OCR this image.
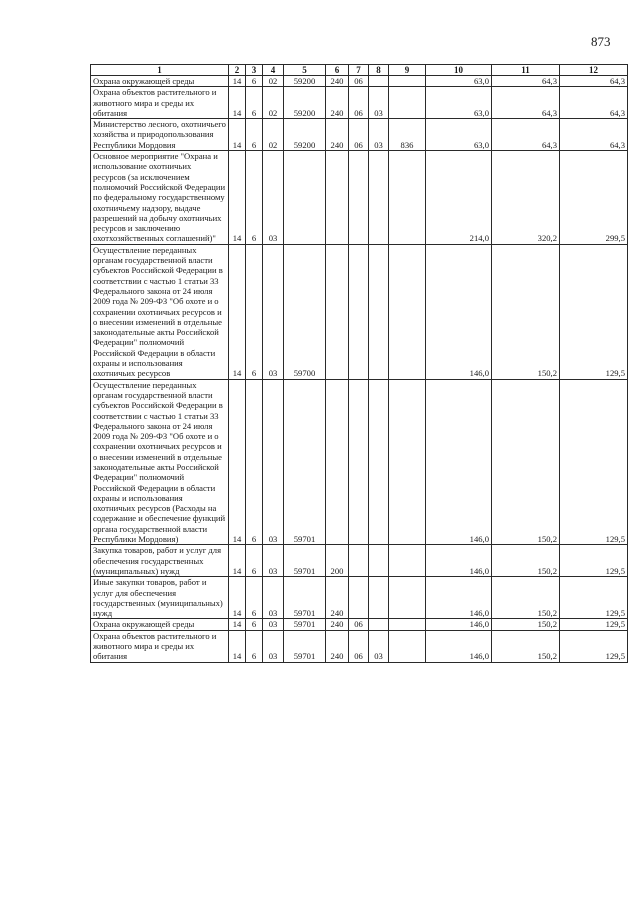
873
1	2	3	4	5	6	7	8	9	10	11	12
Охрана окружающей среды	14	6	02	59200	240	06			63,0	64,3	64,3
Охрана объектов растительного и животного мира и среды их обитания	14	6	02	59200	240	06	03		63,0	64,3	64,3
Министерство лесного, охотничьего хозяйства и природопользования Республики Мордовия	14	6	02	59200	240	06	03	836	63,0	64,3	64,3
Основное мероприятие "Охрана и использование охотничьих ресурсов (за исключением полномочий Российской Федерации по федеральному государственному охотничьему надзору, выдаче разрешений на добычу охотничьих ресурсов и заключению охотхозяйственных соглашений)"	14	6	03						214,0	320,2	299,5
Осуществление переданных органам государственной власти субъектов Российской Федерации в соответствии с частью 1 статьи 33 Федерального закона от 24 июля 2009 года № 209-ФЗ "Об охоте и о сохранении охотничьих ресурсов и о внесении изменений в отдельные законодательные акты Российской Федерации" полномочий Российской Федерации в области охраны и использования охотничьих ресурсов	14	6	03	59700					146,0	150,2	129,5
Осуществление переданных органам государственной власти субъектов Российской Федерации в соответствии с частью 1 статьи 33 Федерального закона от 24 июля 2009 года № 209-ФЗ "Об охоте и о сохранении охотничьих ресурсов и о внесении изменений в отдельные законодательные акты Российской Федерации" полномочий Российской Федерации в области охраны и использования охотничьих ресурсов (Расходы на содержание и обеспечение функций органа государственной власти Республики Мордовия)	14	6	03	59701					146,0	150,2	129,5
Закупка товаров, работ и услуг для обеспечения государственных (муниципальных) нужд	14	6	03	59701	200				146,0	150,2	129,5
Иные закупки товаров, работ и услуг для обеспечения государственных (муниципальных) нужд	14	6	03	59701	240				146,0	150,2	129,5
Охрана окружающей среды	14	6	03	59701	240	06			146,0	150,2	129,5
Охрана объектов растительного и животного мира и среды их обитания	14	6	03	59701	240	06	03		146,0	150,2	129,5
